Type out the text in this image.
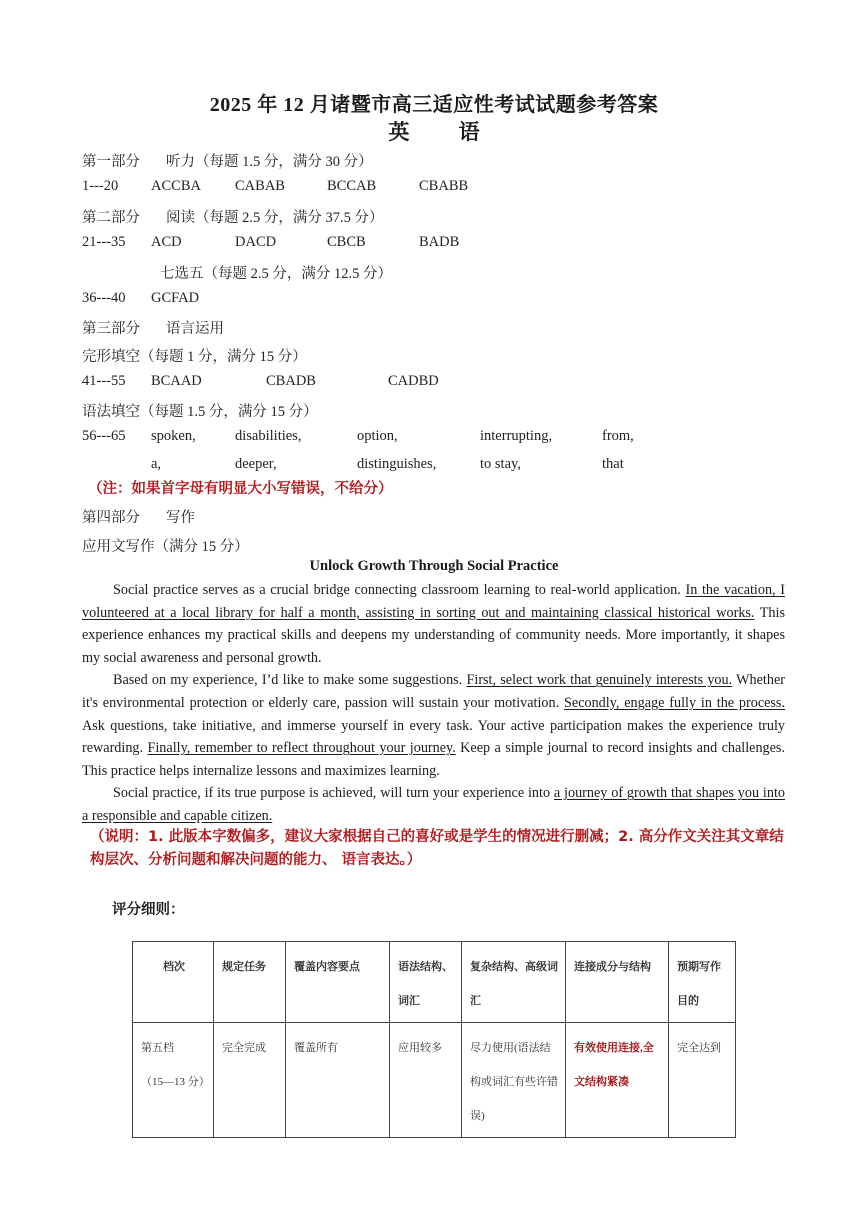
2025 年 12 月诸暨市高三适应性考试试题参考答案
英 语
第一部分 听力（每题 1.5 分，满分 30 分）
1---20 ACCBA CABAB	BCCAB	CBABB
第二部分 阅读（每题 2.5 分，满分 37.5 分）
21---35 ACD	DACD	CBCB	BADB
七选五（每题 2.5 分，满分 12.5 分）
36---40 GCFAD
第三部分 语言运用
完形填空（每题 1 分，满分 15 分）
41---55 BCAAD	CBADB	CADBD
语法填空（每题 1.5 分，满分 15 分）
56---65 spoken,	disabilities,	option,	interrupting,	from,
a,	deeper,	distinguishes,	to stay,	that
（注：如果首字母有明显大小写错误，不给分）
第四部分 写作
应用文写作（满分 15 分）
Unlock Growth Through Social Practice

Social practice serves as a crucial bridge connecting classroom learning to real-world application. In the vacation, I volunteered at a local library for half a month, assisting in sorting out and maintaining classical historical works. This experience enhances my practical skills and deepens my understanding of community needs. More importantly, it shapes my social awareness and personal growth.

Based on my experience, I’d like to make some suggestions. First, select work that genuinely interests you. Whether it's environmental protection or elderly care, passion will sustain your motivation. Secondly, engage fully in the process. Ask questions, take initiative, and immerse yourself in every task. Your active participation makes the experience truly rewarding. Finally, remember to reflect throughout your journey. Keep a simple journal to record insights and challenges. This practice helps internalize lessons and maximizes learning.

Social practice, if its true purpose is achieved, will turn your experience into a journey of growth that shapes you into a responsible and capable citizen.

（说明：1. 此版本字数偏多，建议大家根据自己的喜好或是学生的情况进行删减；2. 高分作文关注其文章结构层次、分析问题和解决问题的能力、 语言表达。）
评分细则：
档次	规定任务	覆盖内容要点	语法结构、词汇	复杂结构、高级词汇	连接成分与结构	预期写作目的

第五档
（15—13 分）	完全完成	覆盖所有	应用较多	尽力使用(语法结构或词汇有些许错误)	有效使用连接,全文结构紧凑	完全达到
